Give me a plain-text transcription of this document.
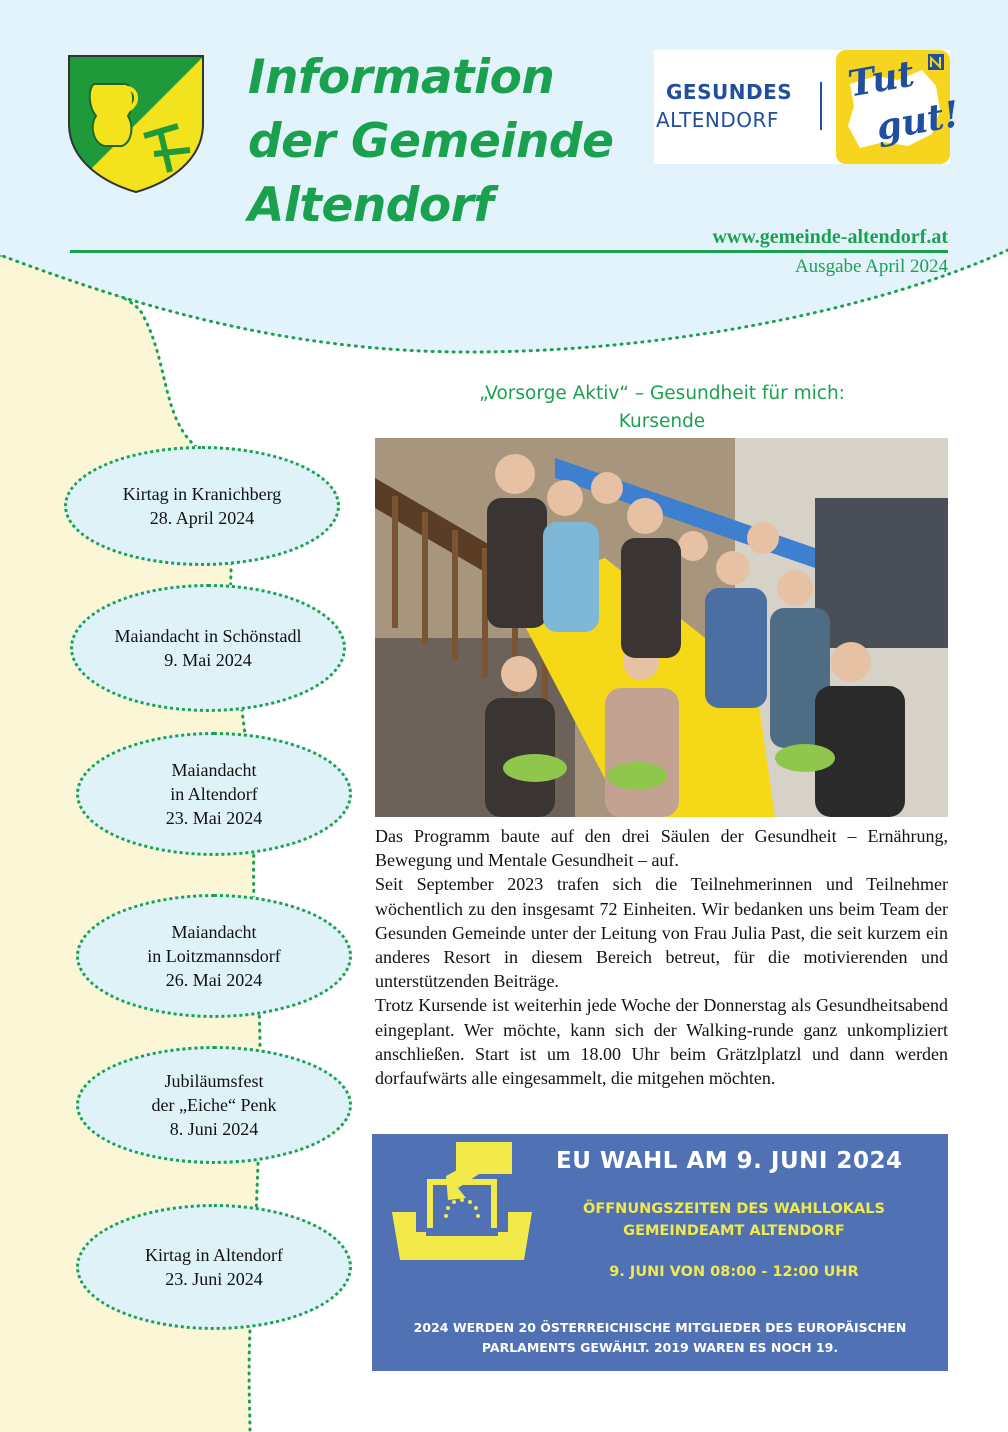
Information
der Gemeinde
Altendorf
GESUNDES
ALTENDORF
Tut
gut!
www.gemeinde-altendorf.at
Ausgabe April 2024
Kirtag in Kranichberg
28. April 2024
Maiandacht in Schönstadl
9. Mai 2024
Maiandacht
in Altendorf
23. Mai 2024
Maiandacht
in Loitzmannsdorf
26. Mai 2024
Jubiläumsfest
der „Eiche“ Penk
8. Juni 2024
Kirtag in Altendorf
23. Juni 2024
„Vorsorge Aktiv“ – Gesundheit für mich:
Kursende

Das Programm baute auf den drei Säulen der Gesundheit – Ernährung, Bewegung und Mentale Gesundheit – auf.

Seit September 2023 trafen sich die Teilnehmerinnen und Teilnehmer wöchentlich zu den insgesamt 72 Einheiten. Wir bedanken uns beim Team der Gesunden Gemeinde unter der Leitung von Frau Julia Past, die seit kurzem ein anderes Resort in diesem Bereich betreut, für die motivierenden und unterstützenden Beiträge.

Trotz Kursende ist weiterhin jede Woche der Donnerstag als Gesundheitsabend eingeplant. Wer möchte, kann sich der Walking-runde ganz unkompliziert anschließen. Start ist um 18.00 Uhr beim Grätzlplatzl und dann werden dorfaufwärts alle eingesammelt, die mitgehen möchten.

EU WAHL AM 9. JUNI 2024
ÖFFNUNGSZEITEN DES WAHLLOKALS
GEMEINDEAMT ALTENDORF
9. JUNI VON 08:00 - 12:00 UHR
2024 WERDEN 20 ÖSTERREICHISCHE MITGLIEDER DES EUROPÄISCHEN
PARLAMENTS GEWÄHLT. 2019 WAREN ES NOCH 19.
